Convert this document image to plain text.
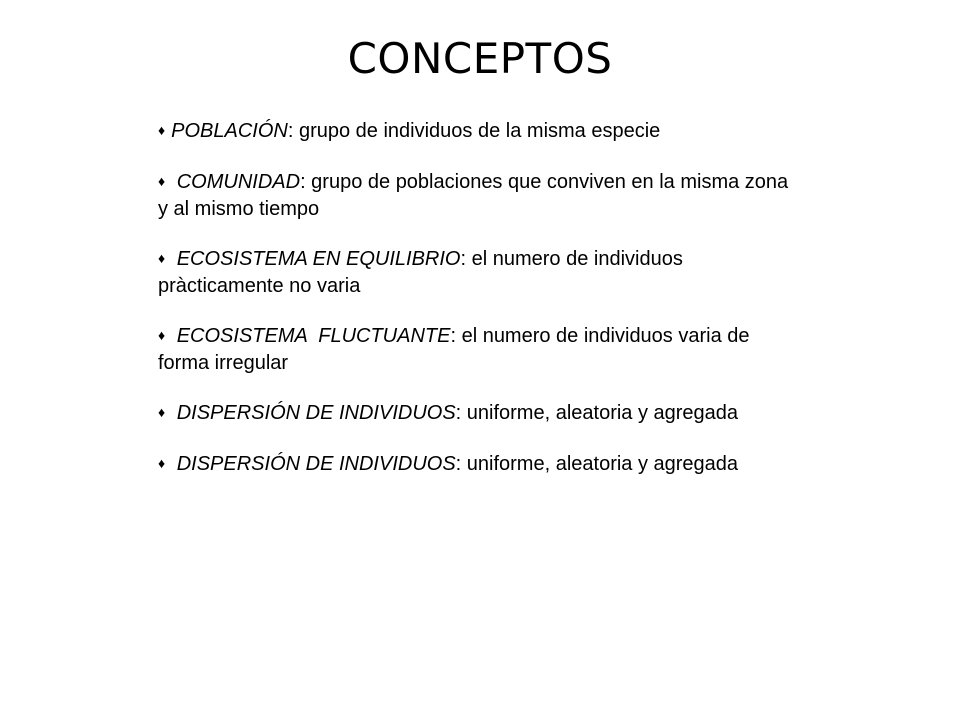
CONCEPTOS
♦ POBLACIÓN: grupo de individuos de la misma especie
♦ COMUNIDAD: grupo de poblaciones que conviven en la misma zona y al mismo tiempo
♦ ECOSISTEMA EN EQUILIBRIO: el numero de individuos pràcticamente no varia
♦ ECOSISTEMA  FLUCTUANTE: el numero de individuos varia de forma irregular
♦ DISPERSIÓN DE INDIVIDUOS: uniforme, aleatoria y agregada
♦ DISPERSIÓN DE INDIVIDUOS: uniforme, aleatoria y agregada
